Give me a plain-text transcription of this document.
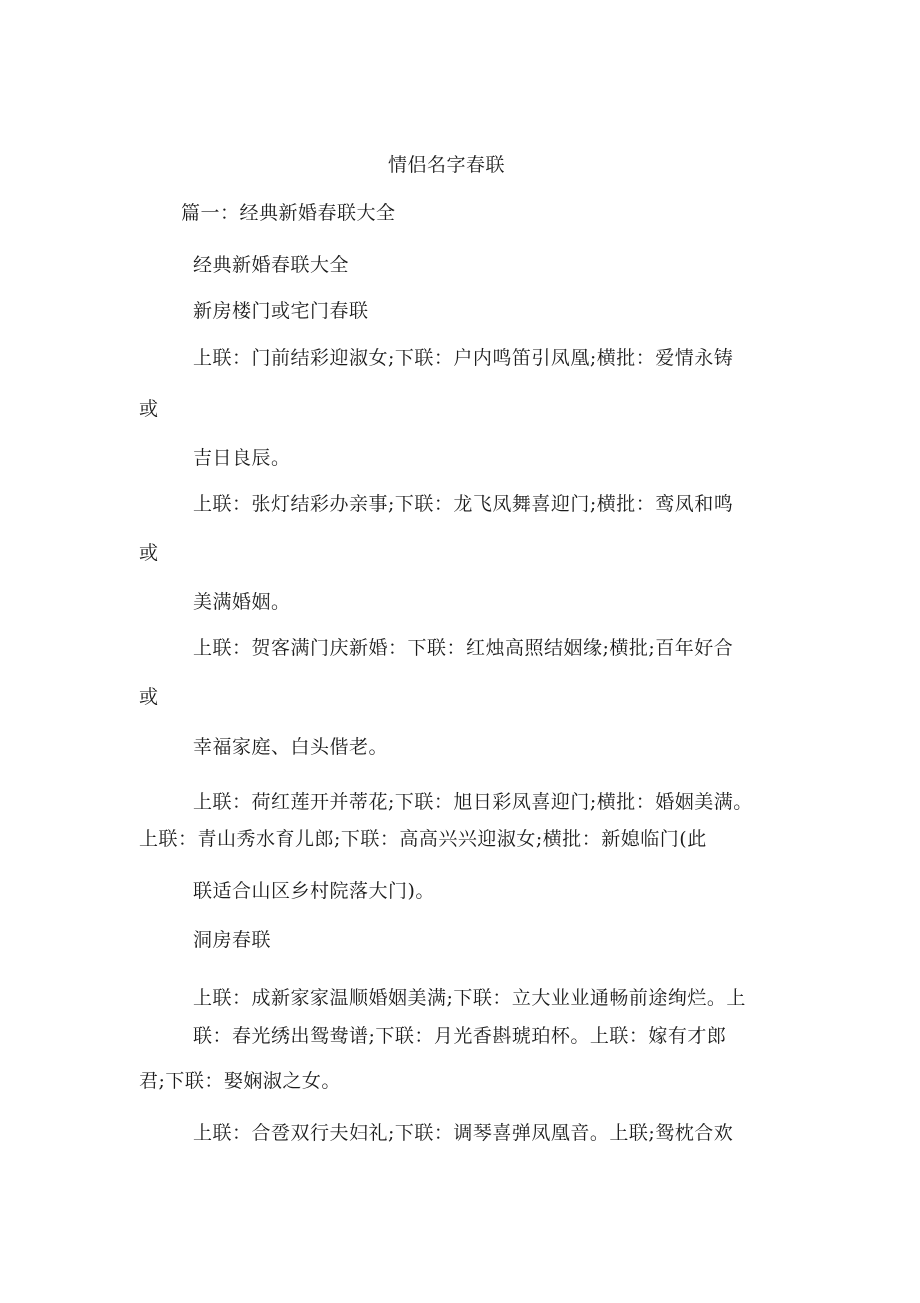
情侣名字春联
篇一：经典新婚春联大全
经典新婚春联大全
新房楼门或宅门春联
上联：门前结彩迎淑女;下联：户内鸣笛引凤凰;横批：爱情永铸
或
吉日良辰。
上联：张灯结彩办亲事;下联：龙飞凤舞喜迎门;横批：鸾凤和鸣
或
美满婚姻。
上联：贺客满门庆新婚：下联：红烛高照结姻缘;横批;百年好合
或
幸福家庭、白头偕老。
上联：荷红莲开并蒂花;下联：旭日彩凤喜迎门;横批：婚姻美满。
上联：青山秀水育儿郎;下联：高高兴兴迎淑女;横批：新媳临门(此
联适合山区乡村院落大门)。
洞房春联
上联：成新家家温顺婚姻美满;下联：立大业业通畅前途绚烂。上
联：春光绣出鸳鸯谱;下联：月光香斟琥珀杯。上联：嫁有才郎
君;下联：娶娴淑之女。
上联：合卺双行夫妇礼;下联：调琴喜弹凤凰音。上联;鸳枕合欢
